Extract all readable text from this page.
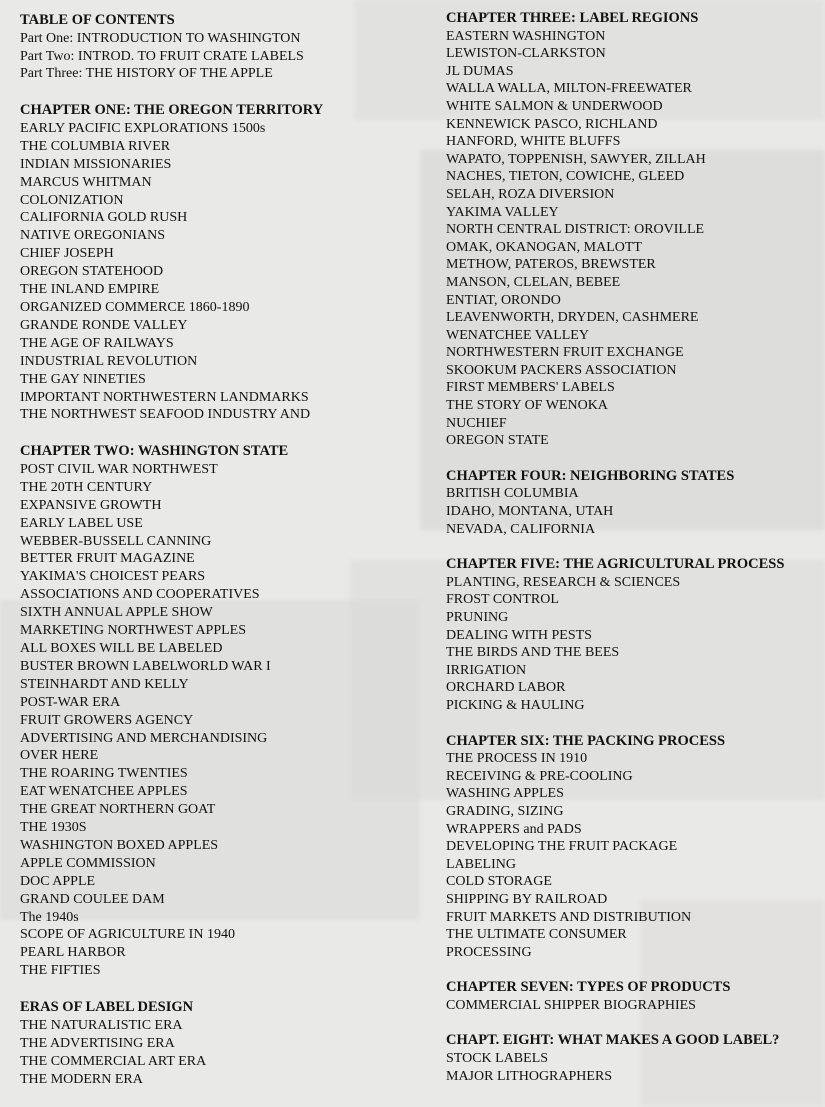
TABLE OF CONTENTS
Part One: INTRODUCTION TO WASHINGTON
Part Two: INTROD. TO FRUIT CRATE LABELS
Part Three: THE HISTORY OF THE APPLE
CHAPTER ONE: THE OREGON TERRITORY
EARLY PACIFIC EXPLORATIONS 1500s
THE COLUMBIA RIVER
INDIAN MISSIONARIES
MARCUS WHITMAN
COLONIZATION
CALIFORNIA GOLD RUSH
NATIVE OREGONIANS
CHIEF JOSEPH
OREGON STATEHOOD
THE INLAND EMPIRE
ORGANIZED COMMERCE 1860-1890
GRANDE RONDE VALLEY
THE AGE OF RAILWAYS
INDUSTRIAL REVOLUTION
THE GAY NINETIES
IMPORTANT NORTHWESTERN LANDMARKS
THE NORTHWEST SEAFOOD INDUSTRY AND
CHAPTER TWO: WASHINGTON STATE
POST CIVIL WAR NORTHWEST
THE 20TH CENTURY
EXPANSIVE GROWTH
EARLY LABEL USE
WEBBER-BUSSELL CANNING
BETTER FRUIT MAGAZINE
YAKIMA'S CHOICEST PEARS
ASSOCIATIONS AND COOPERATIVES
SIXTH ANNUAL APPLE SHOW
MARKETING NORTHWEST APPLES
ALL BOXES WILL BE LABELED
BUSTER BROWN LABELWORLD WAR I
STEINHARDT AND KELLY
POST-WAR ERA
FRUIT GROWERS AGENCY
ADVERTISING AND MERCHANDISING
OVER HERE
THE ROARING TWENTIES
EAT WENATCHEE APPLES
THE GREAT NORTHERN GOAT
THE 1930S
WASHINGTON BOXED APPLES
APPLE COMMISSION
DOC APPLE
GRAND COULEE DAM
The 1940s
SCOPE OF AGRICULTURE IN 1940
PEARL HARBOR
THE FIFTIES
ERAS OF LABEL DESIGN
THE NATURALISTIC ERA
THE ADVERTISING ERA
THE COMMERCIAL ART ERA
THE MODERN ERA
CHAPTER THREE: LABEL REGIONS
EASTERN WASHINGTON
LEWISTON-CLARKSTON
JL DUMAS
WALLA WALLA, MILTON-FREEWATER
WHITE SALMON & UNDERWOOD
KENNEWICK PASCO, RICHLAND
HANFORD, WHITE BLUFFS
WAPATO, TOPPENISH, SAWYER, ZILLAH
NACHES, TIETON, COWICHE, GLEED
SELAH, ROZA DIVERSION
YAKIMA VALLEY
NORTH CENTRAL DISTRICT: OROVILLE
OMAK, OKANOGAN, MALOTT
METHOW, PATEROS, BREWSTER
MANSON, CLELAN, BEBEE
ENTIAT, ORONDO
LEAVENWORTH, DRYDEN, CASHMERE
WENATCHEE VALLEY
NORTHWESTERN FRUIT EXCHANGE
SKOOKUM PACKERS ASSOCIATION
FIRST MEMBERS' LABELS
THE STORY OF WENOKA
NUCHIEF
OREGON STATE
CHAPTER FOUR: NEIGHBORING STATES
BRITISH COLUMBIA
IDAHO, MONTANA, UTAH
NEVADA, CALIFORNIA
CHAPTER FIVE: THE AGRICULTURAL PROCESS
PLANTING, RESEARCH & SCIENCES
FROST CONTROL
PRUNING
DEALING WITH PESTS
THE BIRDS AND THE BEES
IRRIGATION
ORCHARD LABOR
PICKING & HAULING
CHAPTER SIX: THE PACKING PROCESS
THE PROCESS IN 1910
RECEIVING & PRE-COOLING
WASHING APPLES
GRADING, SIZING
WRAPPERS and PADS
DEVELOPING THE FRUIT PACKAGE
LABELING
COLD STORAGE
SHIPPING BY RAILROAD
FRUIT MARKETS AND DISTRIBUTION
THE ULTIMATE CONSUMER
PROCESSING
CHAPTER SEVEN: TYPES OF PRODUCTS
COMMERCIAL SHIPPER BIOGRAPHIES
CHAPT. EIGHT: WHAT MAKES A GOOD LABEL?
STOCK LABELS
MAJOR LITHOGRAPHERS
